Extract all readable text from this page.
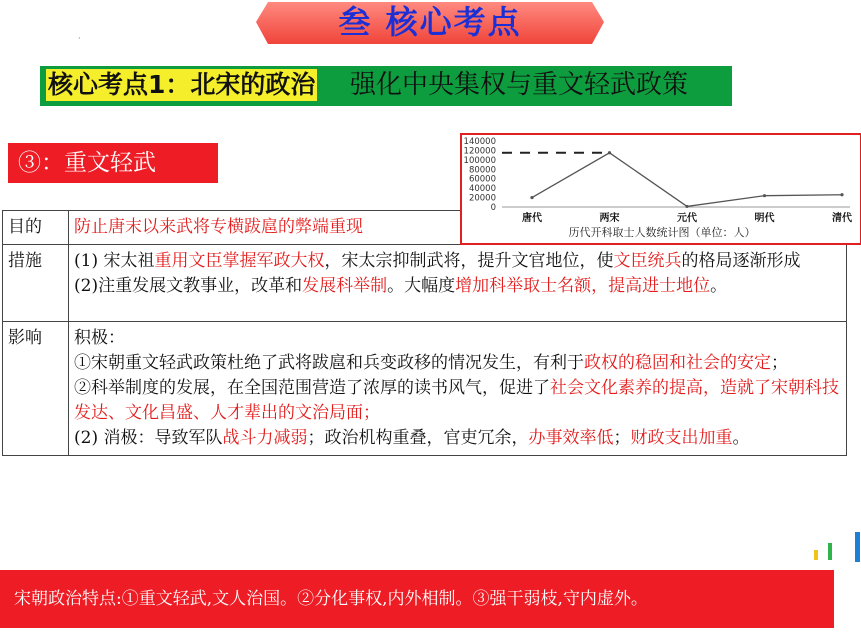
叁 核心考点
·
核心考点1：北宋的政治 强化中央集权与重文轻武政策
③：重文轻武
目的	防止唐末以来武将专横跋扈的弊端重现
措施	(1) 宋太祖重用文臣掌握军政大权，宋太宗抑制武将，提升文官地位，使文臣统兵的格局逐渐形成
(2)注重发展文教事业，改革和发展科举制。大幅度增加科举取士名额，提高进士地位。

影响	积极：
①宋朝重文轻武政策杜绝了武将跋扈和兵变政移的情况发生，有利于政权的稳固和社会的安定；
②科举制度的发展，在全国范围营造了浓厚的读书风气，促进了社会文化素养的提高，造就了宋朝科技发达、文化昌盛、人才辈出的文治局面；
(2) 消极：导致军队战斗力减弱；政治机构重叠，官吏冗余，办事效率低；财政支出加重。
140000
120000
100000
80000
60000
40000
20000
0
唐代	两宋	元代	明代	清代
历代开科取士人数统计图（单位：人）
宋朝政治特点:①重文轻武,文人治国。②分化事权,内外相制。③强干弱枝,守内虚外。
